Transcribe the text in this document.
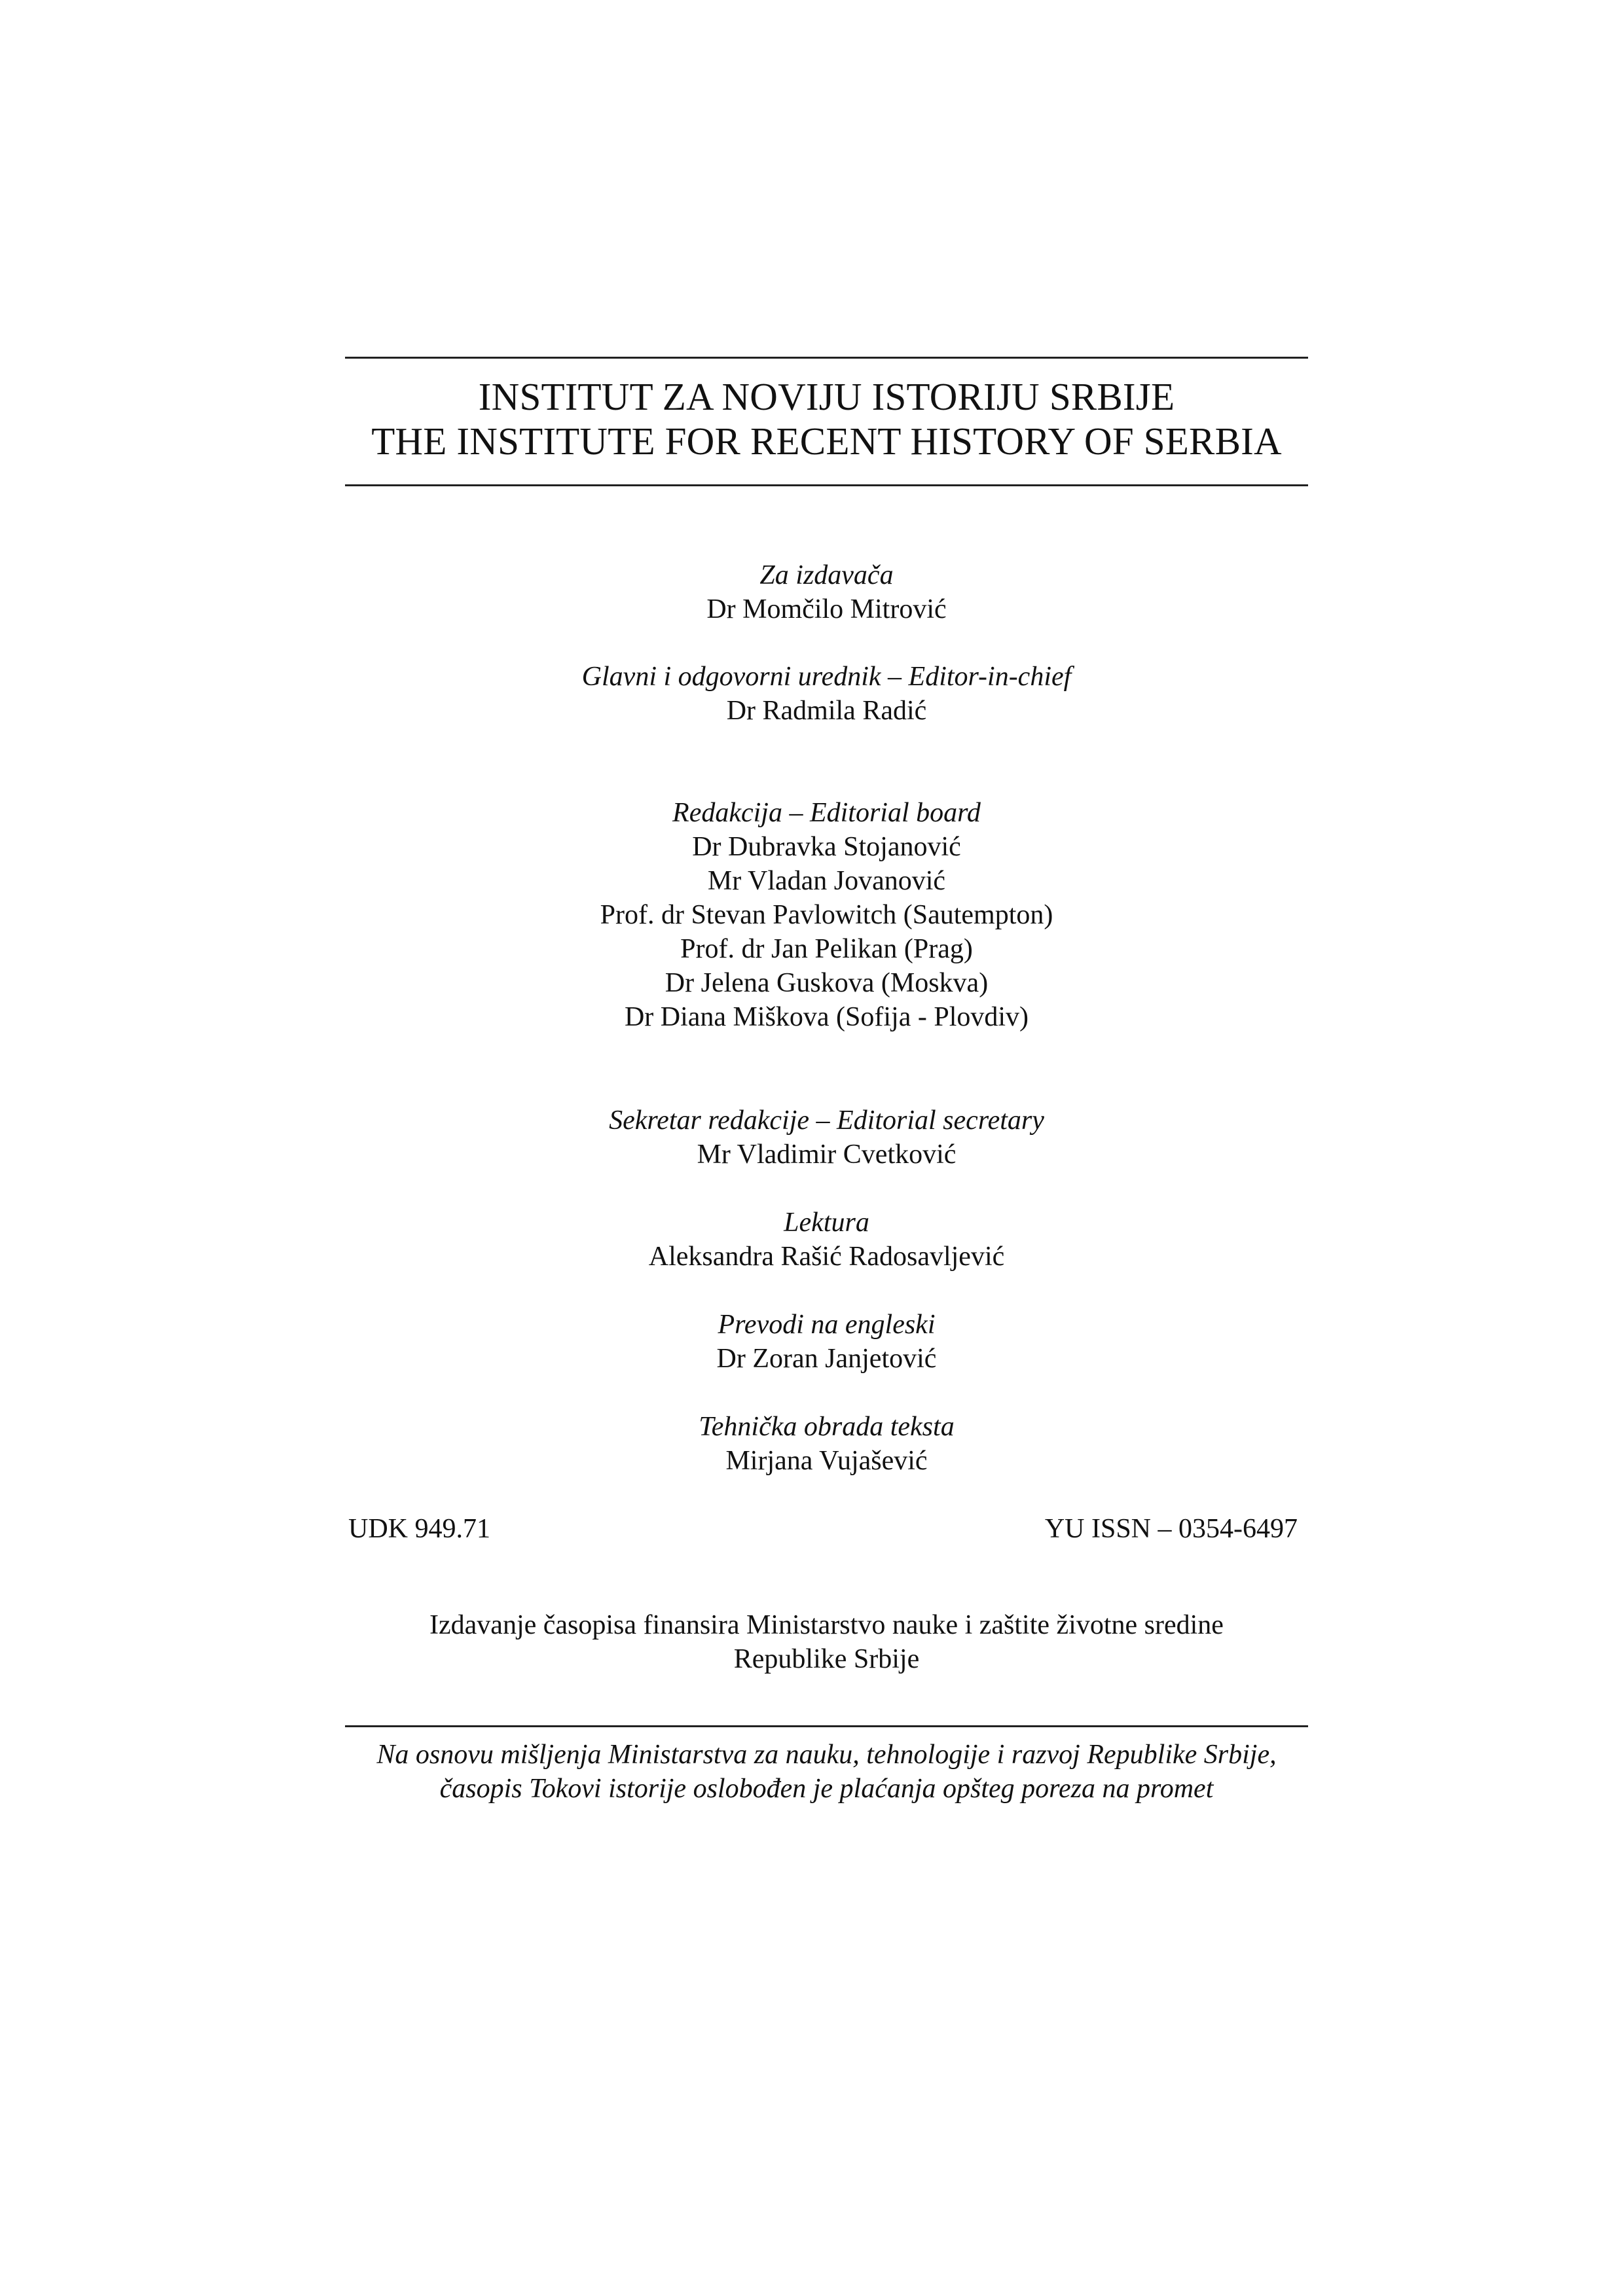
INSTITUT ZA NOVIJU ISTORIJU SRBIJE
THE INSTITUTE FOR RECENT HISTORY OF SERBIA
Za izdavača
Dr Momčilo Mitrović
Glavni i odgovorni urednik – Editor-in-chief
Dr Radmila Radić
Redakcija – Editorial board
Dr Dubravka Stojanović
Mr Vladan Jovanović
Prof. dr Stevan Pavlowitch (Sautempton)
Prof. dr Jan Pelikan (Prag)
Dr Jelena Guskova (Moskva)
Dr Diana Miškova (Sofija - Plovdiv)
Sekretar redakcije – Editorial secretary
Mr Vladimir Cvetković
Lektura
Aleksandra Rašić Radosavljević
Prevodi na engleski
Dr Zoran Janjetović
Tehnička obrada teksta
Mirjana Vujašević
UDK 949.71	YU ISSN – 0354-6497
Izdavanje časopisa finansira Ministarstvo nauke i zaštite životne sredine
Republike Srbije
Na osnovu mišljenja Ministarstva za nauku, tehnologije i razvoj Republike Srbije,
časopis Tokovi istorije oslobođen je plaćanja opšteg poreza na promet
